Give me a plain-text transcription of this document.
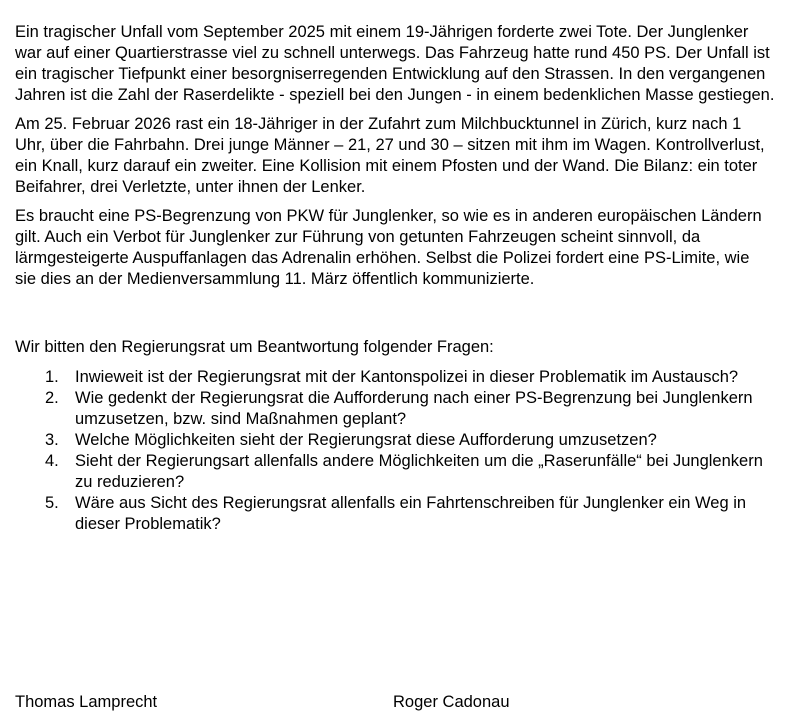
Ein tragischer Unfall vom September 2025 mit einem 19-Jährigen forderte zwei Tote. Der Junglenker war auf einer Quartierstrasse viel zu schnell unterwegs. Das Fahrzeug hatte rund 450 PS. Der Unfall ist ein tragischer Tiefpunkt einer besorgniserregenden Entwicklung auf den Strassen. In den vergangenen Jahren ist die Zahl der Raserdelikte - speziell bei den Jungen - in einem bedenklichen Masse gestiegen.

Am 25. Februar 2026 rast ein 18-Jähriger in der Zufahrt zum Milchbucktunnel in Zürich, kurz nach 1 Uhr, über die Fahrbahn. Drei junge Männer – 21, 27 und 30 – sitzen mit ihm im Wagen. Kontrollverlust, ein Knall, kurz darauf ein zweiter. Eine Kollision mit einem Pfosten und der Wand. Die Bilanz: ein toter Beifahrer, drei Verletzte, unter ihnen der Lenker.

Es braucht eine PS-Begrenzung von PKW für Junglenker, so wie es in anderen europäischen Ländern gilt. Auch ein Verbot für Junglenker zur Führung von getunten Fahrzeugen scheint sinnvoll, da lärmgesteigerte Auspuffanlagen das Adrenalin erhöhen. Selbst die Polizei fordert eine PS-Limite, wie sie dies an der Medienversammlung 11. März öffentlich kommunizierte.

Wir bitten den Regierungsrat um Beantwortung folgender Fragen:

1. Inwieweit ist der Regierungsrat mit der Kantonspolizei in dieser Problematik im Austausch?
2. Wie gedenkt der Regierungsrat die Aufforderung nach einer PS-Begrenzung bei Junglenkern umzusetzen, bzw. sind Maßnahmen geplant?
3. Welche Möglichkeiten sieht der Regierungsrat diese Aufforderung umzusetzen?
4. Sieht der Regierungsart allenfalls andere Möglichkeiten um die „Raserunfälle“ bei Junglenkern zu reduzieren?
5. Wäre aus Sicht des Regierungsrat allenfalls ein Fahrtenschreiben für Junglenker ein Weg in dieser Problematik?
Thomas Lamprecht	Roger Cadonau
